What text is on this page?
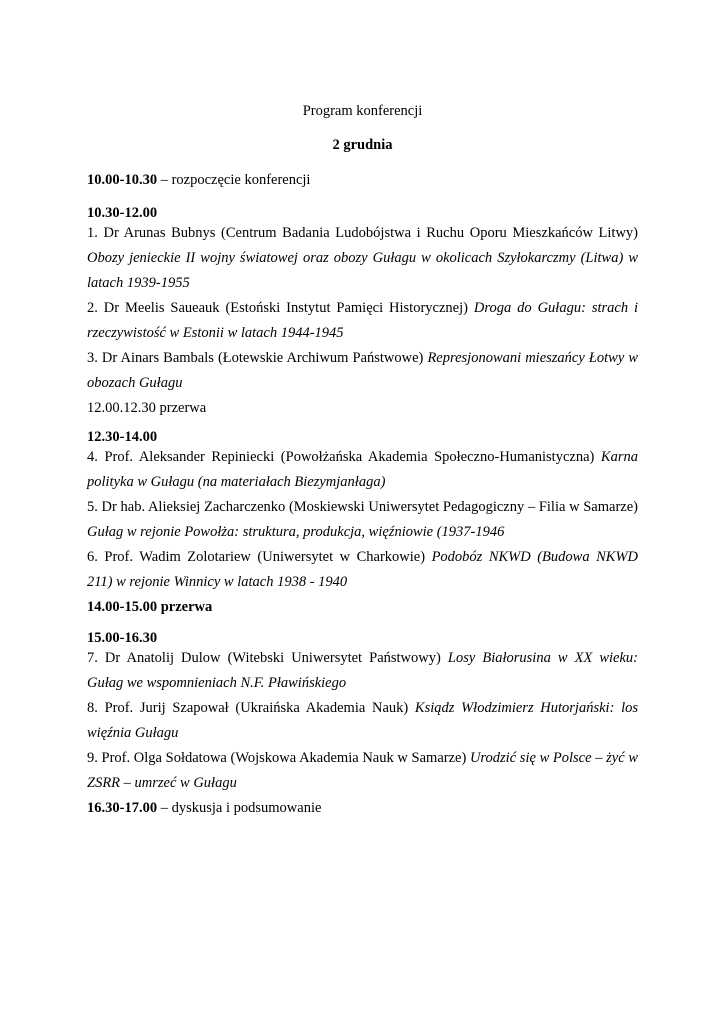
Program konferencji
2 grudnia
10.00-10.30 – rozpoczęcie konferencji

10.30-12.00

1. Dr Arunas Bubnys (Centrum Badania Ludobójstwa i Ruchu Oporu Mieszkańców Litwy) Obozy jenieckie II wojny światowej oraz obozy Gułagu w okolicach Szyłokarczmy (Litwa) w latach 1939-1955

2. Dr Meelis Saueauk (Estoński Instytut Pamięci Historycznej) Droga do Gułagu: strach i rzeczywistość w Estonii w latach 1944-1945

3. Dr Ainars Bambals (Łotewskie Archiwum Państwowe) Represjonowani mieszańcy Łotwy w obozach Gułagu

12.00.12.30 przerwa

12.30-14.00

4. Prof. Aleksander Repiniecki (Powołżańska Akademia Społeczno-Humanistyczna) Karna polityka w Gułagu (na materiałach Biezymjanłaga)

5. Dr hab. Alieksiej Zacharczenko (Moskiewski Uniwersytet Pedagogiczny – Filia w Samarze) Gułag w rejonie Powołża: struktura, produkcja, więźniowie (1937-1946

6. Prof. Wadim Zolotariew (Uniwersytet w Charkowie) Podobóz NKWD (Budowa NKWD 211) w rejonie Winnicy w latach 1938 - 1940

14.00-15.00 przerwa

15.00-16.30

7. Dr Anatolij Dulow (Witebski Uniwersytet Państwowy) Losy Białorusina w XX wieku: Gułag we wspomnieniach N.F. Pławińskiego

8. Prof. Jurij Szapował (Ukraińska Akademia Nauk) Ksiądz Włodzimierz Hutorjański: los więźnia Gułagu

9. Prof. Olga Sołdatowa (Wojskowa Akademia Nauk w Samarze) Urodzić się w Polsce – żyć w ZSRR – umrzeć w Gułagu

16.30-17.00 – dyskusja i podsumowanie
